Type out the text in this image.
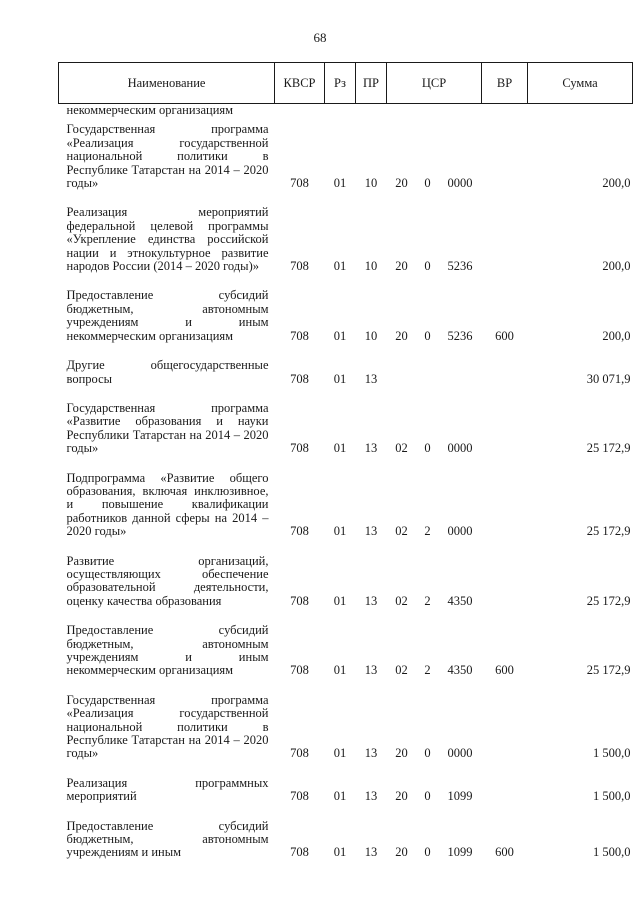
68
Наименование	КВСР	Рз	ПР	ЦСР			ВР	Сумма
некоммерческим организациям								
Государственная программа «Реализация государственной национальной политики в Республике Татарстан на 2014 – 2020 годы»	708	01	10	20	0	0000		200,0
Реализация мероприятий федеральной целевой программы «Укрепление единства российской нации и этнокультурное развитие народов России (2014 – 2020 годы)»	708	01	10	20	0	5236		200,0
Предоставление субсидий бюджетным, автономным учреждениям и иным некоммерческим организациям	708	01	10	20	0	5236	600	200,0
Другие общегосударственные вопросы	708	01	13					30 071,9
Государственная программа «Развитие образования и науки Республики Татарстан на 2014 – 2020 годы»	708	01	13	02	0	0000		25 172,9
Подпрограмма «Развитие общего образования, включая инклюзивное, и повышение квалификации работников данной сферы на 2014 – 2020 годы»	708	01	13	02	2	0000		25 172,9
Развитие организаций, осуществляющих обеспечение образовательной деятельности, оценку качества образования	708	01	13	02	2	4350		25 172,9
Предоставление субсидий бюджетным, автономным учреждениям и иным некоммерческим организациям	708	01	13	02	2	4350	600	25 172,9
Государственная программа «Реализация государственной национальной политики в Республике Татарстан на 2014 – 2020 годы»	708	01	13	20	0	0000		1 500,0
Реализация программных мероприятий	708	01	13	20	0	1099		1 500,0
Предоставление субсидий бюджетным, автономным учреждениям и иным	708	01	13	20	0	1099	600	1 500,0
